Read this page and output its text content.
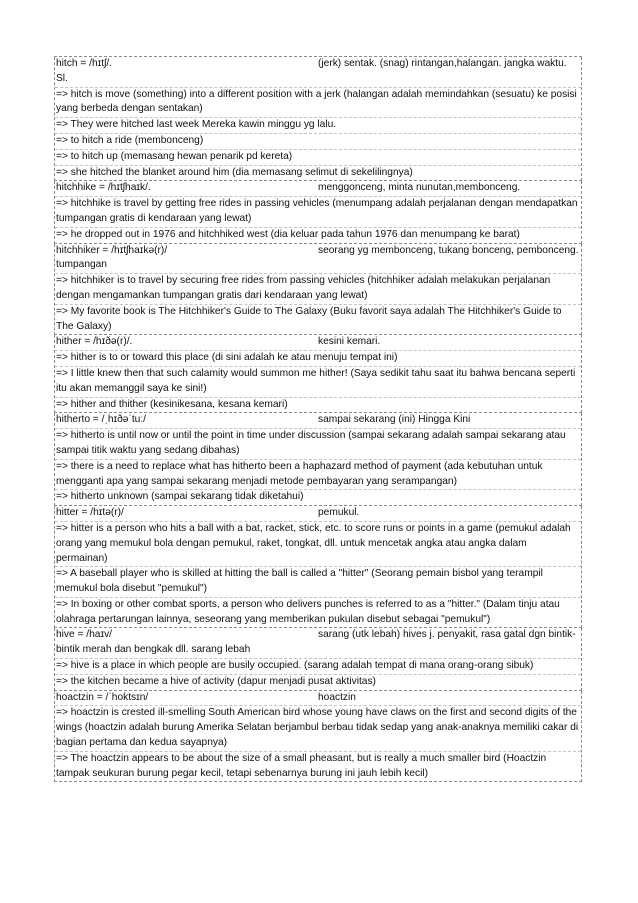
hitch = /hɪtʃ/.	(jerk) sentak. (snag) rintangan,halangan. jangka waktu. Sl.
=> hitch is move (something) into a different position with a jerk (halangan adalah memindahkan (sesuatu) ke posisi yang berbeda dengan sentakan)
=> They were hitched last week Mereka kawin minggu yg lalu.
=> to hitch a ride (membonceng)
=> to hitch up (memasang hewan penarik pd kereta)
=> she hitched the blanket around him (dia memasang selimut di sekelilingnya)
hitchhike = /hɪtʃhaɪk/.	menggonceng, minta nunutan,membonceng.
=> hitchhike is travel by getting free rides in passing vehicles (menumpang adalah perjalanan dengan mendapatkan tumpangan gratis di kendaraan yang lewat)
=> he dropped out in 1976 and hitchhiked west (dia keluar pada tahun 1976 dan menumpang ke barat)
hitchhiker = /hɪtʃhaɪkə(r)/	seorang yg membonceng, tukang bonceng, pembonceng. tumpangan
=> hitchhiker is to travel by securing free rides from passing vehicles (hitchhiker adalah melakukan perjalanan dengan mengamankan tumpangan gratis dari kendaraan yang lewat)
=> My favorite book is The Hitchhiker's Guide to The Galaxy (Buku favorit saya adalah The Hitchhiker's Guide to The Galaxy)
hither = /hɪðə(r)/.	kesini kemari.
=> hither is to or toward this place (di sini adalah ke atau menuju tempat ini)
=> I little knew then that such calamity would summon me hither! (Saya sedikit tahu saat itu bahwa bencana seperti itu akan memanggil saya ke sini!)
=> hither and thither (kesinikesana, kesana kemari)
hitherto = /ˌhɪðəˈtuː/	sampai sekarang (ini) Hingga Kini
=> hitherto is until now or until the point in time under discussion (sampai sekarang adalah sampai sekarang atau sampai titik waktu yang sedang dibahas)
=> there is a need to replace what has hitherto been a haphazard method of payment (ada kebutuhan untuk mengganti apa yang sampai sekarang menjadi metode pembayaran yang serampangan)
=> hitherto unknown (sampai sekarang tidak diketahui)
hitter = /hɪtə(r)/	pemukul.
=> hitter is a person who hits a ball with a bat, racket, stick, etc. to score runs or points in a game (pemukul adalah orang yang memukul bola dengan pemukul, raket, tongkat, dll. untuk mencetak angka atau angka dalam permainan)
=> A baseball player who is skilled at hitting the ball is called a "hitter" (Seorang pemain bisbol yang terampil memukul bola disebut "pemukul")
=> In boxing or other combat sports, a person who delivers punches is referred to as a "hitter." (Dalam tinju atau olahraga pertarungan lainnya, seseorang yang memberikan pukulan disebut sebagai "pemukul")
hive = /haɪv/	sarang (utk lebah) hives j. penyakit, rasa gatal dgn bintik-bintik merah dan bengkak dll. sarang lebah
=> hive is a place in which people are busily occupied. (sarang adalah tempat di mana orang-orang sibuk)
=> the kitchen became a hive of activity (dapur menjadi pusat aktivitas)
hoactzin = /ˈhoktsɪn/	hoactzin
=> hoactzin is crested ill-smelling South American bird whose young have claws on the first and second digits of the wings (hoactzin adalah burung Amerika Selatan berjambul berbau tidak sedap yang anak-anaknya memiliki cakar di bagian pertama dan kedua sayapnya)
=> The hoactzin appears to be about the size of a small pheasant, but is really a much smaller bird (Hoactzin tampak seukuran burung pegar kecil, tetapi sebenarnya burung ini jauh lebih kecil)
